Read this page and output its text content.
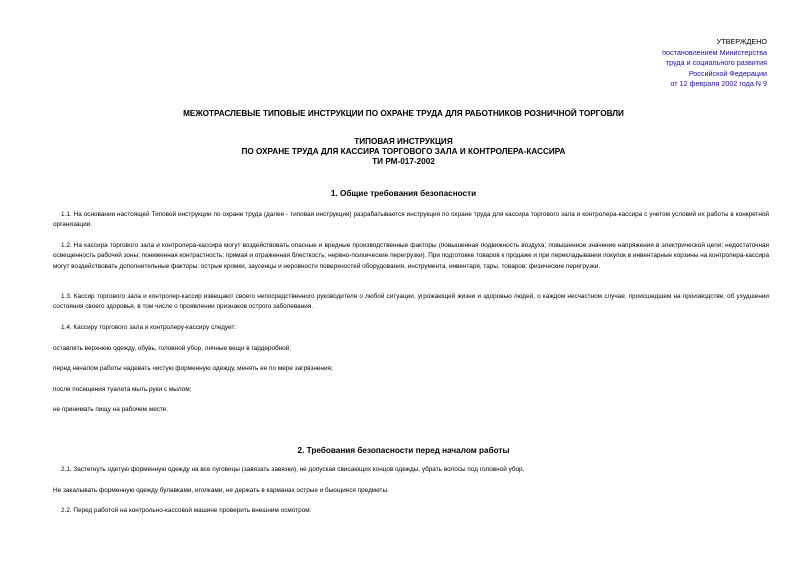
УТВЕРЖДЕНО
постановлением Министерства
труда и социального развития
Российской Федерации
от 12 февраля 2002 года N 9
МЕЖОТРАСЛЕВЫЕ ТИПОВЫЕ ИНСТРУКЦИИ ПО ОХРАНЕ ТРУДА ДЛЯ РАБОТНИКОВ РОЗНИЧНОЙ ТОРГОВЛИ
ТИПОВАЯ ИНСТРУКЦИЯ
ПО ОХРАНЕ ТРУДА ДЛЯ КАССИРА ТОРГОВОГО ЗАЛА И КОНТРОЛЕРА-КАССИРА
ТИ РМ-017-2002
1. Общие требования безопасности
1.1. На основании настоящей Типовой инструкции по охране труда (далее - типовая инструкция) разрабатывается инструкция по охране труда для кассира торгового зала и контролера-кассира с учетом условий их работы в конкретной организации.
1.2. На кассира торгового зала и контролера-кассира могут воздействовать опасные и вредные производственные факторы (повышенная подвижность воздуха; повышенное значение напряжения в электрической цепи; недостаточная освещенность рабочей зоны; пониженная контрастность; прямая и отраженная блесткость; нервно-психические перегрузки). При подготовке товаров к продаже и при перекладывании покупок в инвентарные корзины на контролера-кассира могут воздействовать дополнительные факторы: острые кромки, заусенцы и неровности поверхностей оборудования, инструмента, инвентаря, тары, товаров; физические перегрузки.
1.3. Кассир торгового зала и контролер-кассир извещают своего непосредственного руководителя о любой ситуации, угрожающей жизни и здоровью людей, о каждом несчастном случае, происшедшем на производстве, об ухудшении состояния своего здоровья, в том числе о проявлении признаков острого заболевания.
1.4. Кассиру торгового зала и контролеру-кассиру следует:
оставлять верхнюю одежду, обувь, головной убор, личные вещи в гардеробной;
перед началом работы надевать чистую форменную одежду, менять ее по мере загрязнения;
после посещения туалета мыть руки с мылом;
не принимать пищу на рабочем месте.
2. Требования безопасности перед началом работы
2.1. Застегнуть одетую форменную одежду на все пуговицы (завязать завязки), не допуская свисающих концов одежды, убрать волосы под головной убор.
Не закалывать форменную одежду булавками, иголками, не держать в карманах острые и бьющиеся предметы.
2.2. Перед работой на контрольно-кассовой машине проверить внешним осмотром:
